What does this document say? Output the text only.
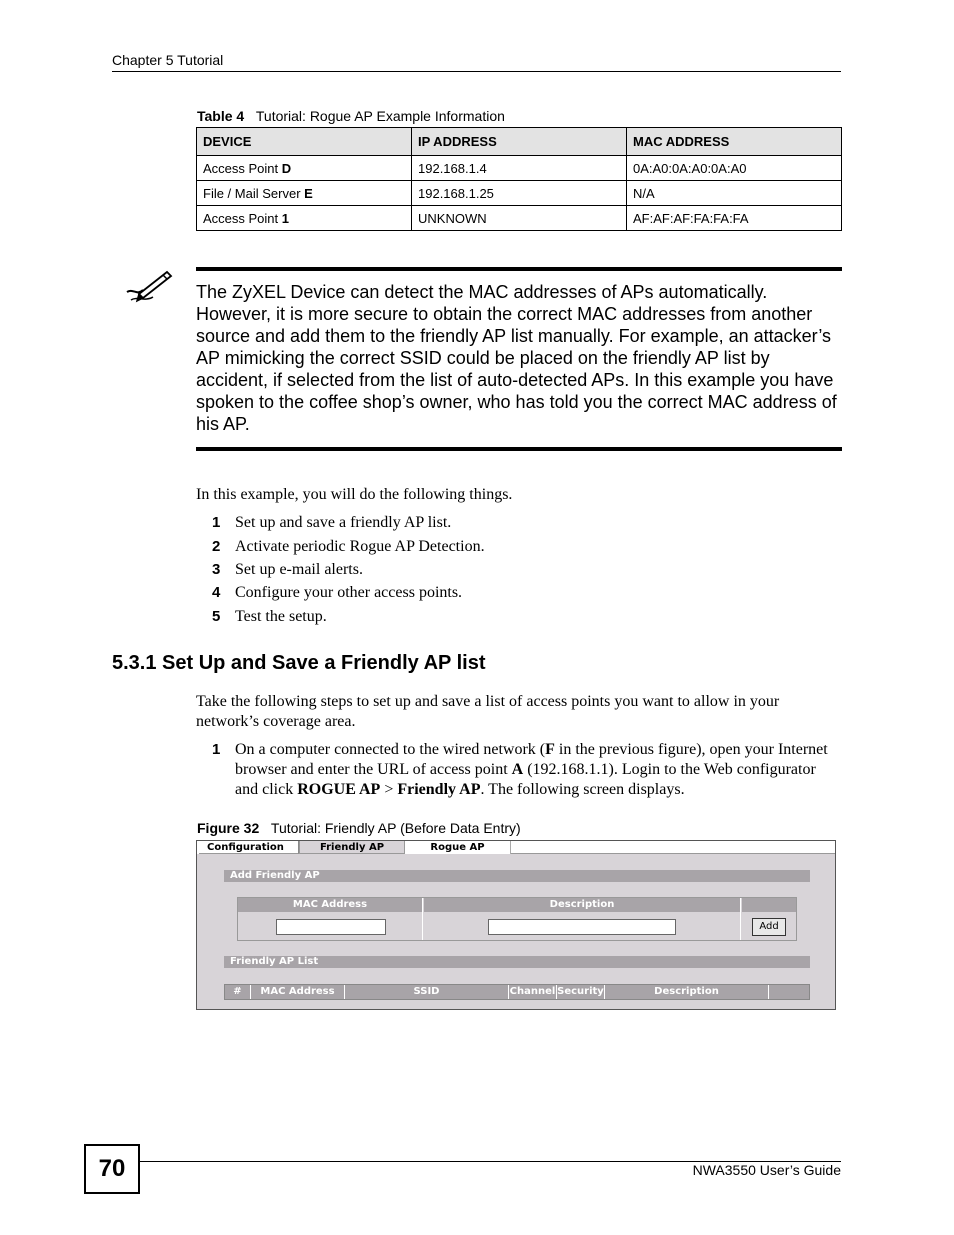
Chapter 5 Tutorial
Table 4 Tutorial: Rogue AP Example Information
DEVICE	IP ADDRESS	MAC ADDRESS
Access Point D	192.168.1.4	0A:A0:0A:A0:0A:A0
File / Mail Server E	192.168.1.25	N/A
Access Point 1	UNKNOWN	AF:AF:AF:FA:FA:FA
The ZyXEL Device can detect the MAC addresses of APs automatically. However, it is more secure to obtain the correct MAC addresses from another source and add them to the friendly AP list manually. For example, an attacker’s AP mimicking the correct SSID could be placed on the friendly AP list by accident, if selected from the list of auto-detected APs. In this example you have spoken to the coffee shop’s owner, who has told you the correct MAC address of his AP.
In this example, you will do the following things.
1 Set up and save a friendly AP list.
2 Activate periodic Rogue AP Detection.
3 Set up e-mail alerts.
4 Configure your other access points.
5 Test the setup.
5.3.1 Set Up and Save a Friendly AP list
Take the following steps to set up and save a list of access points you want to allow in your network’s coverage area.
1 On a computer connected to the wired network (F in the previous figure), open your Internet browser and enter the URL of access point A (192.168.1.1). Login to the Web configurator and click ROGUE AP > Friendly AP. The following screen displays.
Figure 32 Tutorial: Friendly AP (Before Data Entry)
Configuration	Friendly AP	Rogue AP
Add Friendly AP
MAC Address	Description
Add
Friendly AP List
#	MAC Address	SSID	Channel Security	Description
70	NWA3550 User’s Guide
